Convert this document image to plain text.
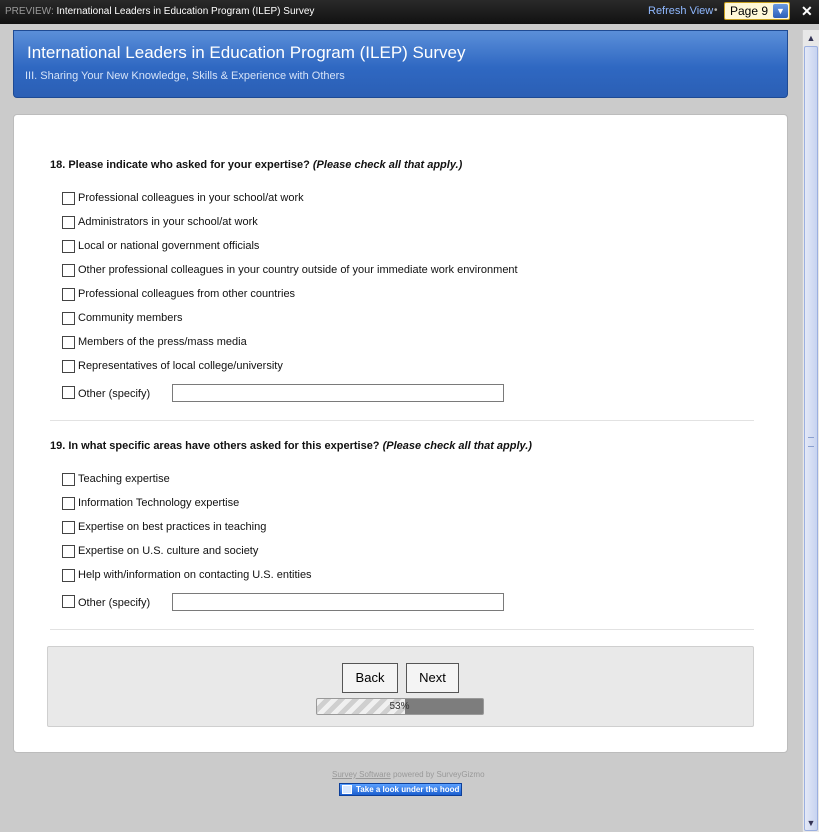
PREVIEW: International Leaders in Education Program (ILEP) Survey	Refresh View •	Page 9 ▼ ✕
▲
▼
International Leaders in Education Program (ILEP) Survey
III. Sharing Your New Knowledge, Skills & Experience with Others
18. Please indicate who asked for your expertise? (Please check all that apply.)
Professional colleagues in your school/at work
Administrators in your school/at work
Local or national government officials
Other professional colleagues in your country outside of your immediate work environment
Professional colleagues from other countries
Community members
Members of the press/mass media
Representatives of local college/university
Other (specify)
19. In what specific areas have others asked for this expertise? (Please check all that apply.)
Teaching expertise
Information Technology expertise
Expertise on best practices in teaching
Expertise on U.S. culture and society
Help with/information on contacting U.S. entities
Other (specify)
Back	Next
53%
Survey Software powered by SurveyGizmo
Take a look under the hood
